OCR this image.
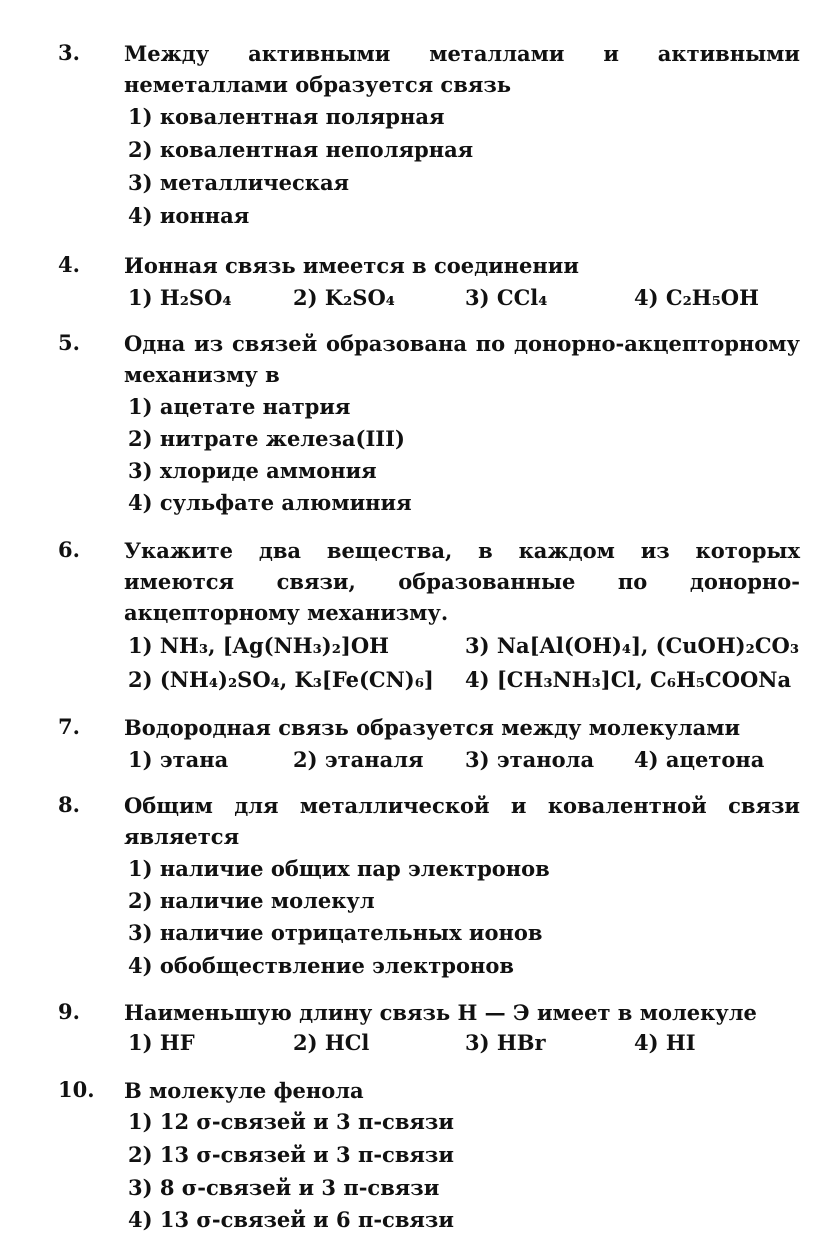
3. Между активными металлами и активными неметаллами образуется связь
1) ковалентная полярная
2) ковалентная неполярная
3) металлическая
4) ионная
4. Ионная связь имеется в соединении
1) H₂SO₄	2) K₂SO₄	3) CCl₄	4) C₂H₅OH
5. Одна из связей образована по донорно-акцепторному механизму в
1) ацетате натрия
2) нитрате железа(III)
3) хлориде аммония
4) сульфате алюминия
6. Укажите два вещества, в каждом из которых имеются связи, образованные по донорно-акцепторному механизму.
1) NH₃, [Ag(NH₃)₂]OH	3) Na[Al(OH)₄], (CuOH)₂CO₃
2) (NH₄)₂SO₄, K₃[Fe(CN)₆] 4) [CH₃NH₃]Cl, C₆H₅COONa
7. Водородная связь образуется между молекулами
1) этана	2) этаналя 3) этанола 4) ацетона
8. Общим для металлической и ковалентной связи является
1) наличие общих пар электронов
2) наличие молекул
3) наличие отрицательных ионов
4) обобществление электронов
9. Наименьшую длину связь H — Э имеет в молекуле
1) HF	2) HCl	3) HBr	4) HI
10. В молекуле фенола
1) 12 σ-связей и 3 π-связи
2) 13 σ-связей и 3 π-связи
3) 8 σ-связей и 3 π-связи
4) 13 σ-связей и 6 π-связи
